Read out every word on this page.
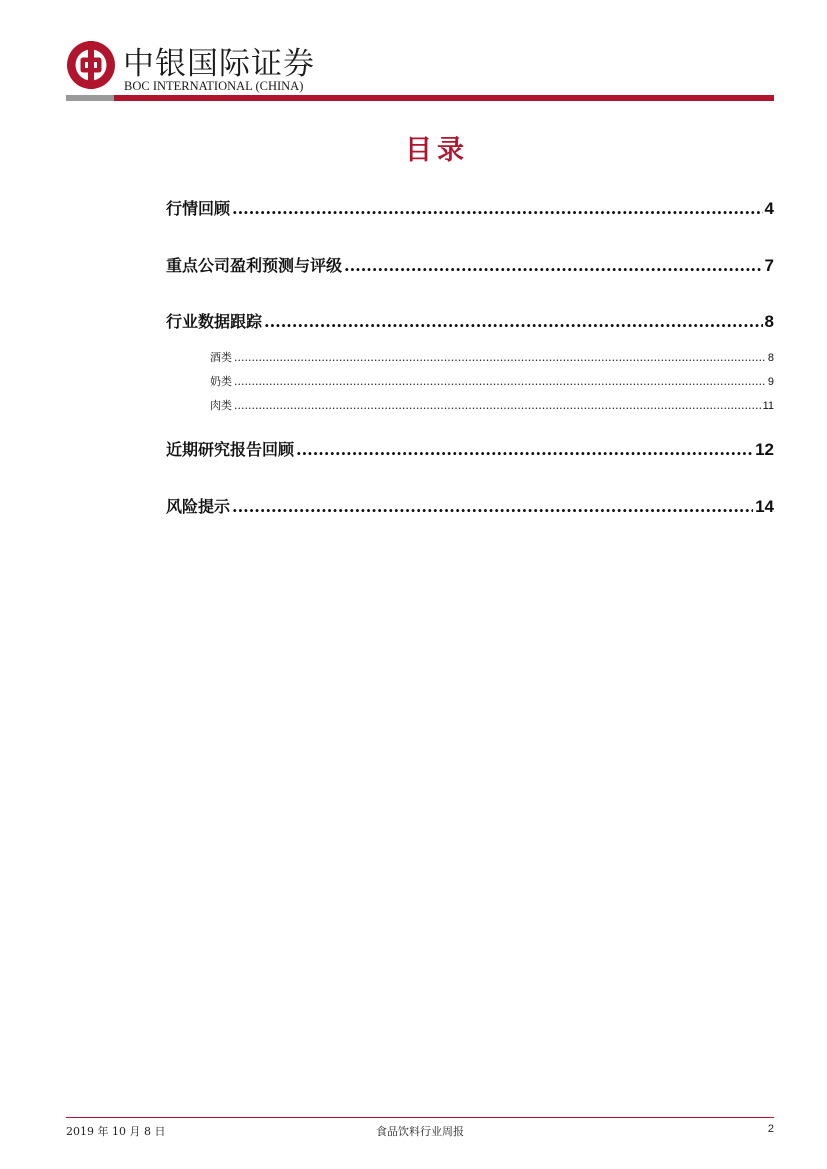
中银国际证券
BOC INTERNATIONAL (CHINA)
目录
行情回顾 .....	4
重点公司盈利预测与评级 .....	7
行业数据跟踪 .....	8
酒类 .....	8
奶类 .....	9
肉类 .....	11
近期研究报告回顾 .....	12
风险提示 .....	14
2019 年 10 月 8 日	食品饮料行业周报	2
